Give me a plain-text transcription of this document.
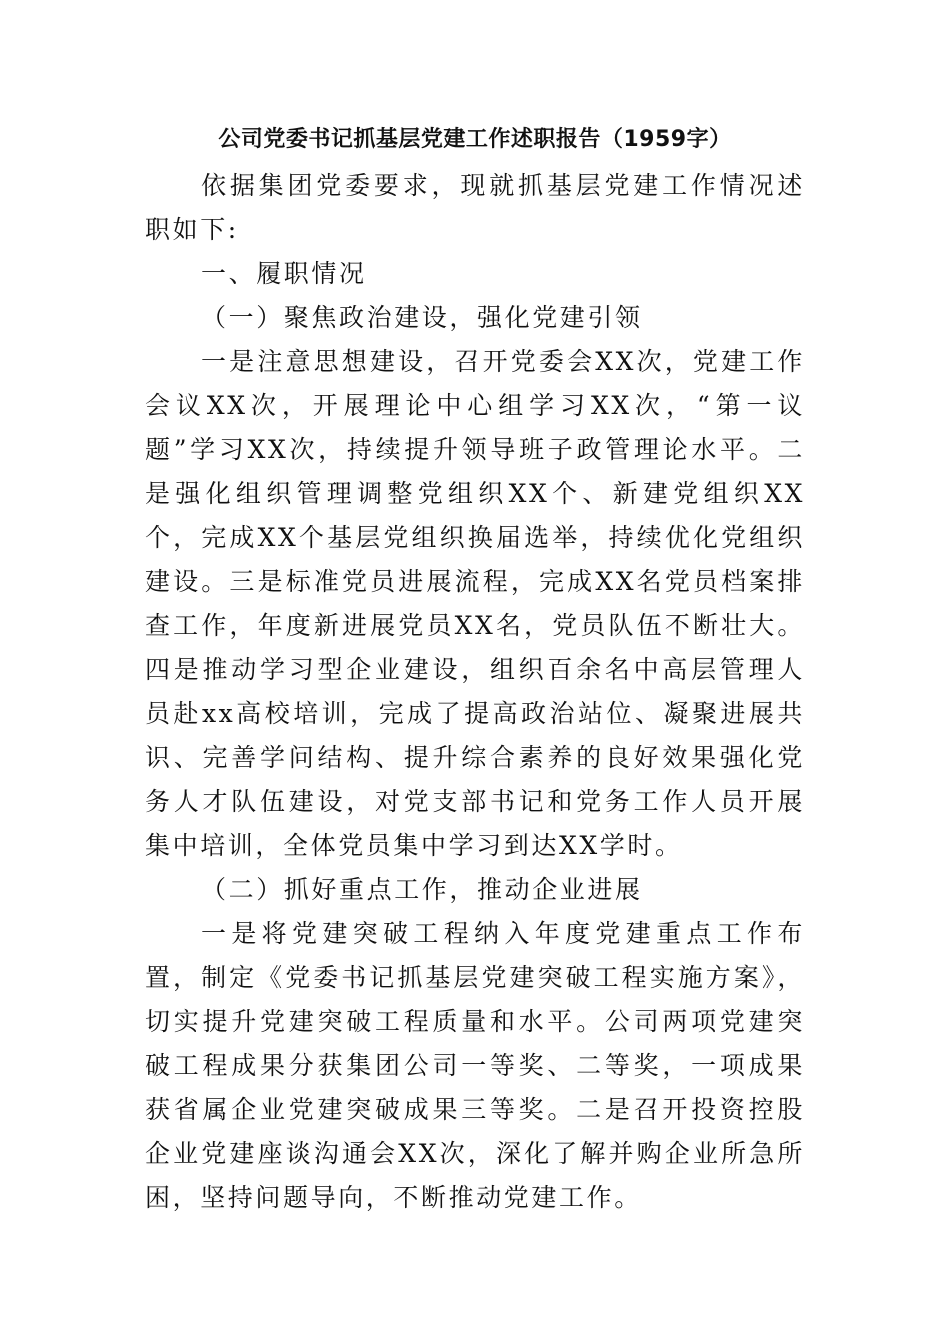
公司党委书记抓基层党建工作述职报告（1959字）

依据集团党委要求，现就抓基层党建工作情况述职如下:

一、履职情况

（一）聚焦政治建设，强化党建引领

一是注意思想建设，召开党委会XX次，党建工作会议XX次，开展理论中心组学习XX次，“第一议题”学习XX次，持续提升领导班子政管理论水平。二是强化组织管理调整党组织XX个、新建党组织XX个，完成XX个基层党组织换届选举，持续优化党组织建设。三是标准党员进展流程，完成XX名党员档案排查工作，年度新进展党员XX名，党员队伍不断壮大。四是推动学习型企业建设，组织百余名中高层管理人员赴xx高校培训，完成了提高政治站位、凝聚进展共识、完善学问结构、提升综合素养的良好效果强化党务人才队伍建设，对党支部书记和党务工作人员开展集中培训，全体党员集中学习到达XX学时。

（二）抓好重点工作，推动企业进展

一是将党建突破工程纳入年度党建重点工作布置，制定《党委书记抓基层党建突破工程实施方案》，切实提升党建突破工程质量和水平。公司两项党建突破工程成果分获集团公司一等奖、二等奖，一项成果获省属企业党建突破成果三等奖。二是召开投资控股企业党建座谈沟通会XX次，深化了解并购企业所急所困，坚持问题导向，不断推动党建工作。
